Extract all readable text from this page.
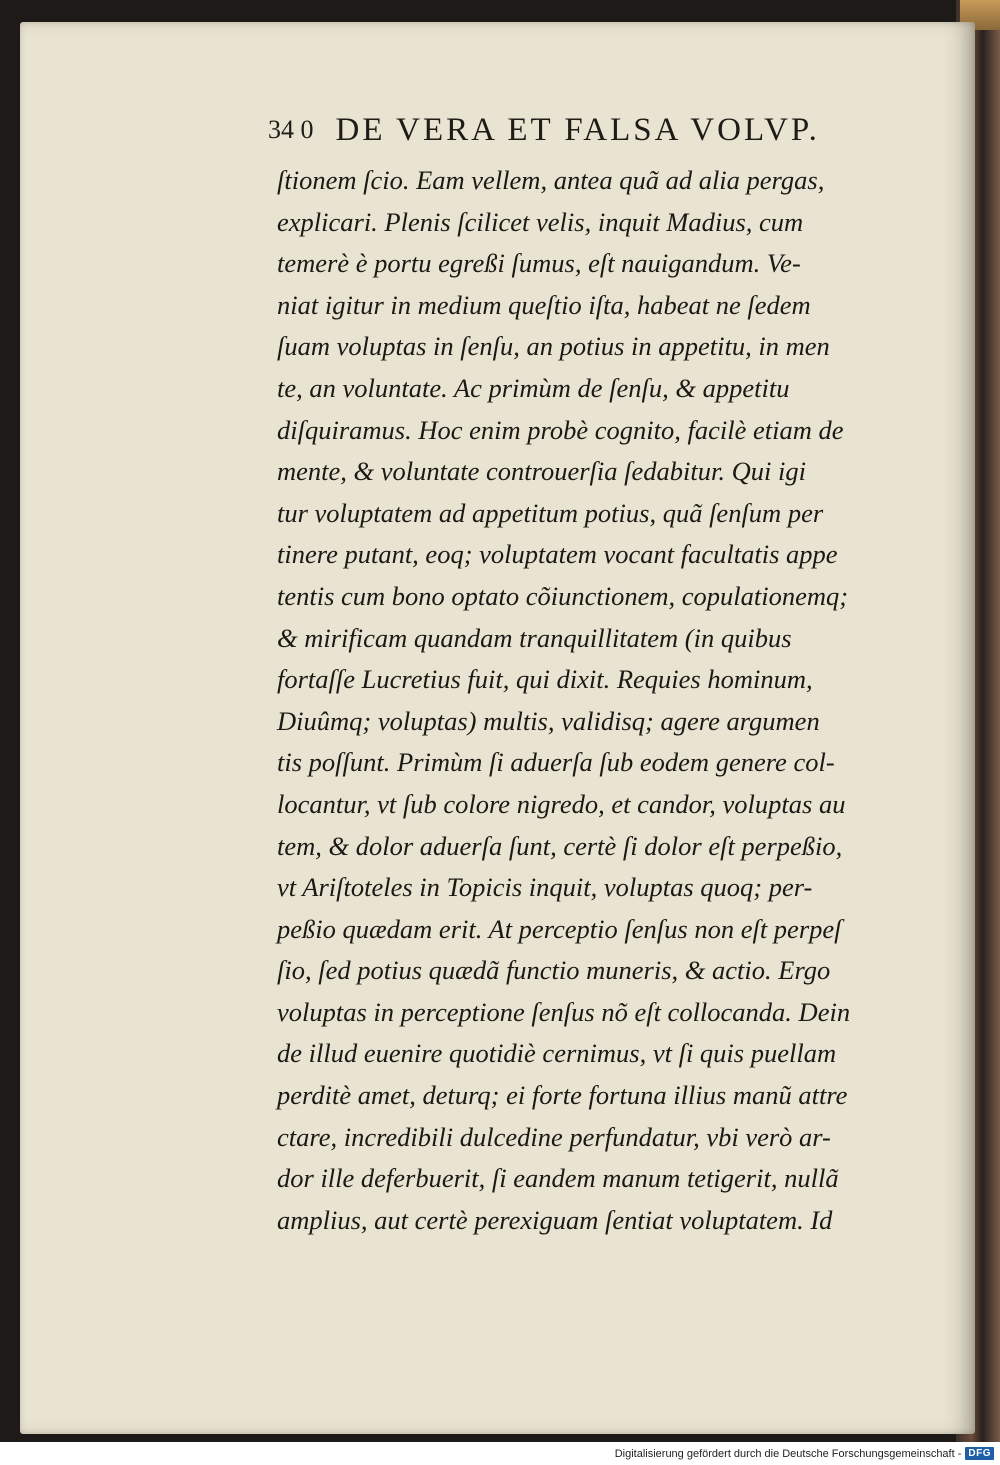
34 0 DE VERA ET FALSA VOLVP.
ſtionem ſcio. Eam vellem, antea quã ad alia pergas,
explicari. Plenis ſcilicet velis, inquit Madius, cum
temerè è portu egreßi ſumus, eſt nauigandum. Ve-
niat igitur in medium queſtio iſta, habeat ne ſedem
ſuam voluptas in ſenſu, an potius in appetitu, in men
te, an voluntate. Ac primùm de ſenſu, & appetitu
diſquiramus. Hoc enim probè cognito, facilè etiam de
mente, & voluntate controuerſia ſedabitur. Qui igi
tur voluptatem ad appetitum potius, quã ſenſum per
tinere putant, eoq; voluptatem vocant facultatis appe
tentis cum bono optato cõiunctionem, copulationemq;
& mirificam quandam tranquillitatem (in quibus
fortaſſe Lucretius fuit, qui dixit. Requies hominum,
Diuûmq; voluptas) multis, validisq; agere argumen
tis poſſunt. Primùm ſi aduerſa ſub eodem genere col-
locantur, vt ſub colore nigredo, et candor, voluptas au
tem, & dolor aduerſa ſunt, certè ſi dolor eſt perpeßio,
vt Ariſtoteles in Topicis inquit, voluptas quoq; per-
peßio quædam erit. At perceptio ſenſus non eſt perpeſ
ſio, ſed potius quædã functio muneris, & actio. Ergo
voluptas in perceptione ſenſus nõ eſt collocanda. Dein
de illud euenire quotidiè cernimus, vt ſi quis puellam
perditè amet, deturq; ei forte fortuna illius manũ attre
ctare, incredibili dulcedine perfundatur, vbi verò ar-
dor ille deferbuerit, ſi eandem manum tetigerit, nullã
amplius, aut certè perexiguam ſentiat voluptatem. Id
Digitalisierung gefördert durch die Deutsche Forschungsgemeinschaft - DFG
